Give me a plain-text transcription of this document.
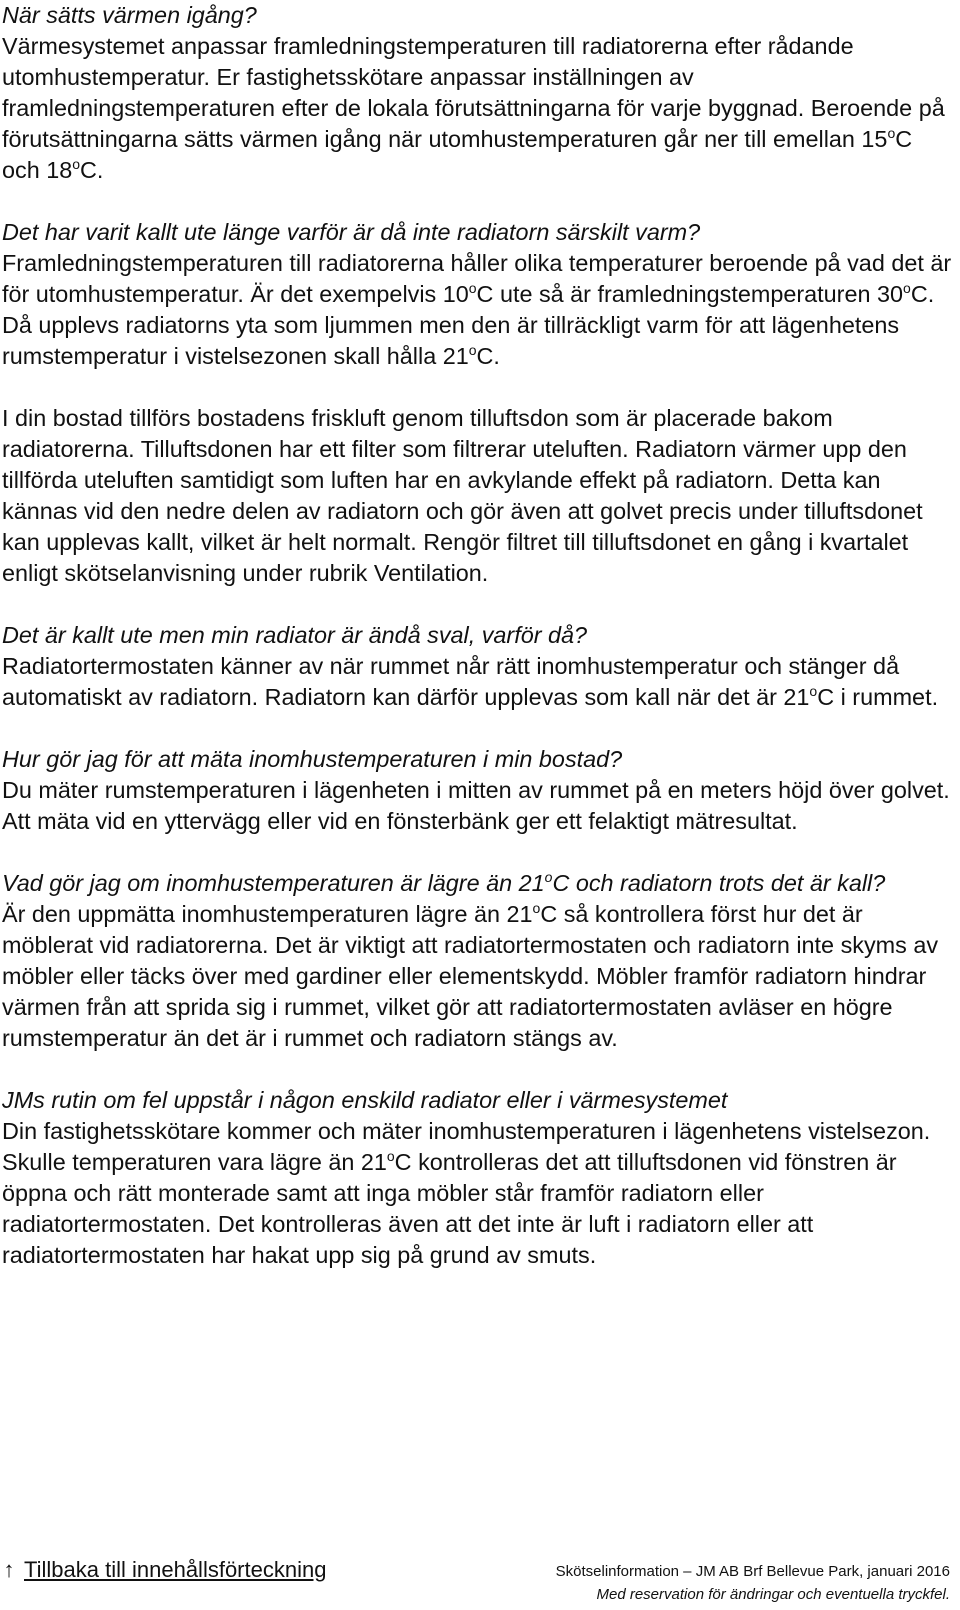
När sätts värmen igång?
Värmesystemet anpassar framledningstemperaturen till radiatorerna efter rådande utomhustemperatur. Er fastighetsskötare anpassar inställningen av framledningstemperaturen efter de lokala förutsättningarna för varje byggnad. Beroende på förutsättningarna sätts värmen igång när utomhustemperaturen går ner till emellan 15$^o$C och 18$^o$C.
Det har varit kallt ute länge varför är då inte radiatorn särskilt varm?
Framledningstemperaturen till radiatorerna håller olika temperaturer beroende på vad det är för utomhustemperatur. Är det exempelvis 10$^o$C ute så är framledningstemperaturen 30$^o$C. Då upplevs radiatorns yta som ljummen men den är tillräckligt varm för att lägenhetens rumstemperatur i vistelsezonen skall hålla 21$^o$C.
I din bostad tillförs bostadens friskluft genom tilluftsdon som är placerade bakom radiatorerna. Tilluftsdonen har ett filter som filtrerar uteluften. Radiatorn värmer upp den tillförda uteluften samtidigt som luften har en avkylande effekt på radiatorn. Detta kan kännas vid den nedre delen av radiatorn och gör även att golvet precis under tilluftsdonet kan upplevas kallt, vilket är helt normalt. Rengör filtret till tilluftsdonet en gång i kvartalet enligt skötselanvisning under rubrik Ventilation.
Det är kallt ute men min radiator är ändå sval, varför då?
Radiatortermostaten känner av när rummet når rätt inomhustemperatur och stänger då automatiskt av radiatorn. Radiatorn kan därför upplevas som kall när det är 21$^o$C i rummet.
Hur gör jag för att mäta inomhustemperaturen i min bostad?
Du mäter rumstemperaturen i lägenheten i mitten av rummet på en meters höjd över golvet. Att mäta vid en yttervägg eller vid en fönsterbänk ger ett felaktigt mätresultat.
Vad gör jag om inomhustemperaturen är lägre än 21$^o$C och radiatorn trots det är kall?
Är den uppmätta inomhustemperaturen lägre än 21$^o$C så kontrollera först hur det är möblerat vid radiatorerna. Det är viktigt att radiatortermostaten och radiatorn inte skyms av möbler eller täcks över med gardiner eller elementskydd. Möbler framför radiatorn hindrar värmen från att sprida sig i rummet, vilket gör att radiatortermostaten avläser en högre rumstemperatur än det är i rummet och radiatorn stängs av.
JMs rutin om fel uppstår i någon enskild radiator eller i värmesystemet
Din fastighetsskötare kommer och mäter inomhustemperaturen i lägenhetens vistelsezon. Skulle temperaturen vara lägre än 21$^o$C kontrolleras det att tilluftsdonen vid fönstren är öppna och rätt monterade samt att inga möbler står framför radiatorn eller radiatortermostaten. Det kontrolleras även att det inte är luft i radiatorn eller att radiatortermostaten har hakat upp sig på grund av smuts.
↑ Tillbaka till innehållsförteckning	Skötselinformation – JM AB Brf Bellevue Park, januari 2016
Med reservation för ändringar och eventuella tryckfel.
